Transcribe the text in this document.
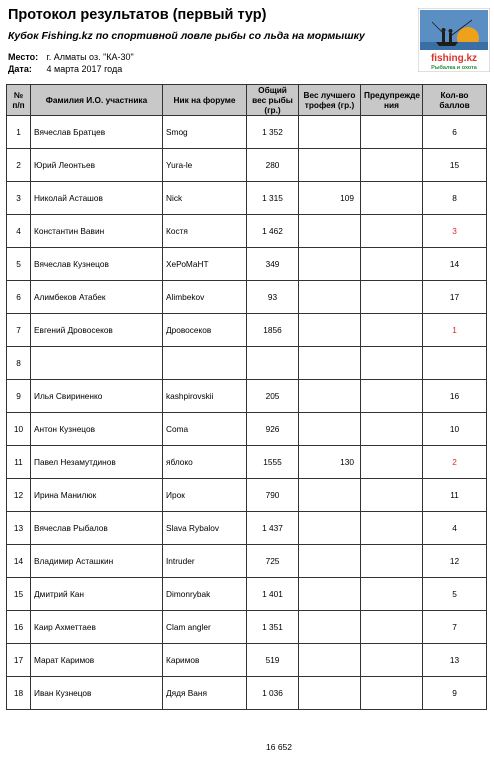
Протокол результатов (первый тур)
Кубок Fishing.kz по спортивной ловле рыбы со льда на мормышку
Место: г. Алматы оз. "КА-30"
Дата: 4 марта 2017 года
fishing.kz
Рыбалка и охота
№ п/п	Фамилия И.О. участника	Ник на форуме	Общий вес рыбы (гр.)	Вес лучшего трофея (гр.)	Предупрежде ния	Кол-во баллов
1	Вячеслав Братцев	Smog	1 352			6
2	Юрий Леонтьев	Yura-le	280			15
3	Николай Асташов	Nick	1 315	109		8
4	Константин Вавин	Костя	1 462			3
5	Вячеслав Кузнецов	ХеРоМаНТ	349			14
6	Алимбеков Атабек	Alimbekov	93			17
7	Евгений Дровосеков	Дровосеков	1856			1
8						
9	Илья Свириненко	kashpirovskii	205			16
10	Антон Кузнецов	Coma	926			10
11	Павел Незамутдинов	яблоко	1555	130		2
12	Ирина Манилюк	Ирок	790			11
13	Вячеслав Рыбалов	Slava Rybalov	1 437			4
14	Владимир Асташкин	Intruder	725			12
15	Дмитрий Кан	Dimonrybak	1 401			5
16	Каир Ахметтаев	Clam angler	1 351			7
17	Марат Каримов	Каримов	519			13
18	Иван Кузнецов	Дядя Ваня	1 036			9
16 652
